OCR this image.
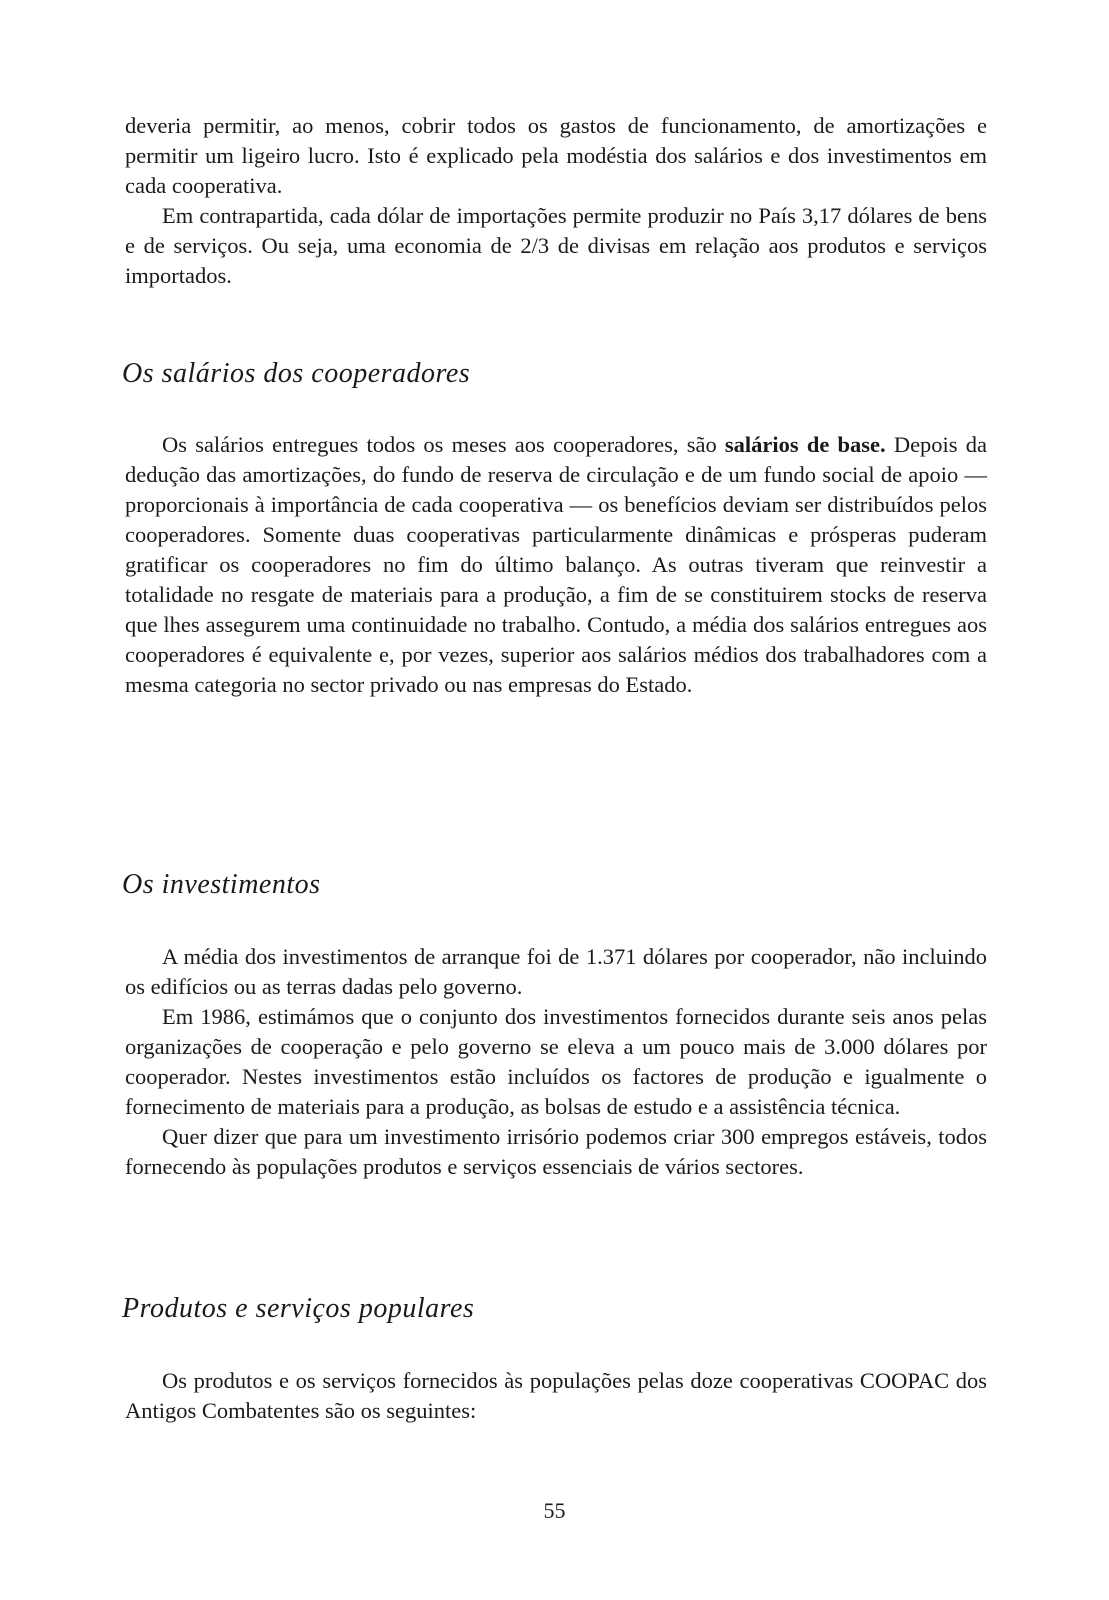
deveria permitir, ao menos, cobrir todos os gastos de funcionamento, de amortizações e permitir um ligeiro lucro. Isto é explicado pela modéstia dos salários e dos investimentos em cada cooperativa.

Em contrapartida, cada dólar de importações permite produzir no País 3,17 dólares de bens e de serviços. Ou seja, uma economia de 2/3 de divisas em relação aos produtos e serviços importados.

Os salários dos cooperadores

Os salários entregues todos os meses aos cooperadores, são salários de base. Depois da dedução das amortizações, do fundo de reserva de circulação e de um fundo social de apoio — proporcionais à importância de cada cooperativa — os benefícios deviam ser distribuídos pelos cooperadores. Somente duas cooperativas particularmente dinâmicas e prósperas puderam gratificar os cooperadores no fim do último balanço. As outras tiveram que reinvestir a totalidade no resgate de materiais para a produção, a fim de se constituirem stocks de reserva que lhes assegurem uma continuidade no trabalho. Contudo, a média dos salários entregues aos cooperadores é equivalente e, por vezes, superior aos salários médios dos trabalhadores com a mesma categoria no sector privado ou nas empresas do Estado.

Os investimentos

A média dos investimentos de arranque foi de 1.371 dólares por cooperador, não incluindo os edifícios ou as terras dadas pelo governo.

Em 1986, estimámos que o conjunto dos investimentos fornecidos durante seis anos pelas organizações de cooperação e pelo governo se eleva a um pouco mais de 3.000 dólares por cooperador. Nestes investimentos estão incluídos os factores de produção e igualmente o fornecimento de materiais para a produção, as bolsas de estudo e a assistência técnica.

Quer dizer que para um investimento irrisório podemos criar 300 empregos estáveis, todos fornecendo às populações produtos e serviços essenciais de vários sectores.

Produtos e serviços populares

Os produtos e os serviços fornecidos às populações pelas doze cooperativas COOPAC dos Antigos Combatentes são os seguintes:

55
